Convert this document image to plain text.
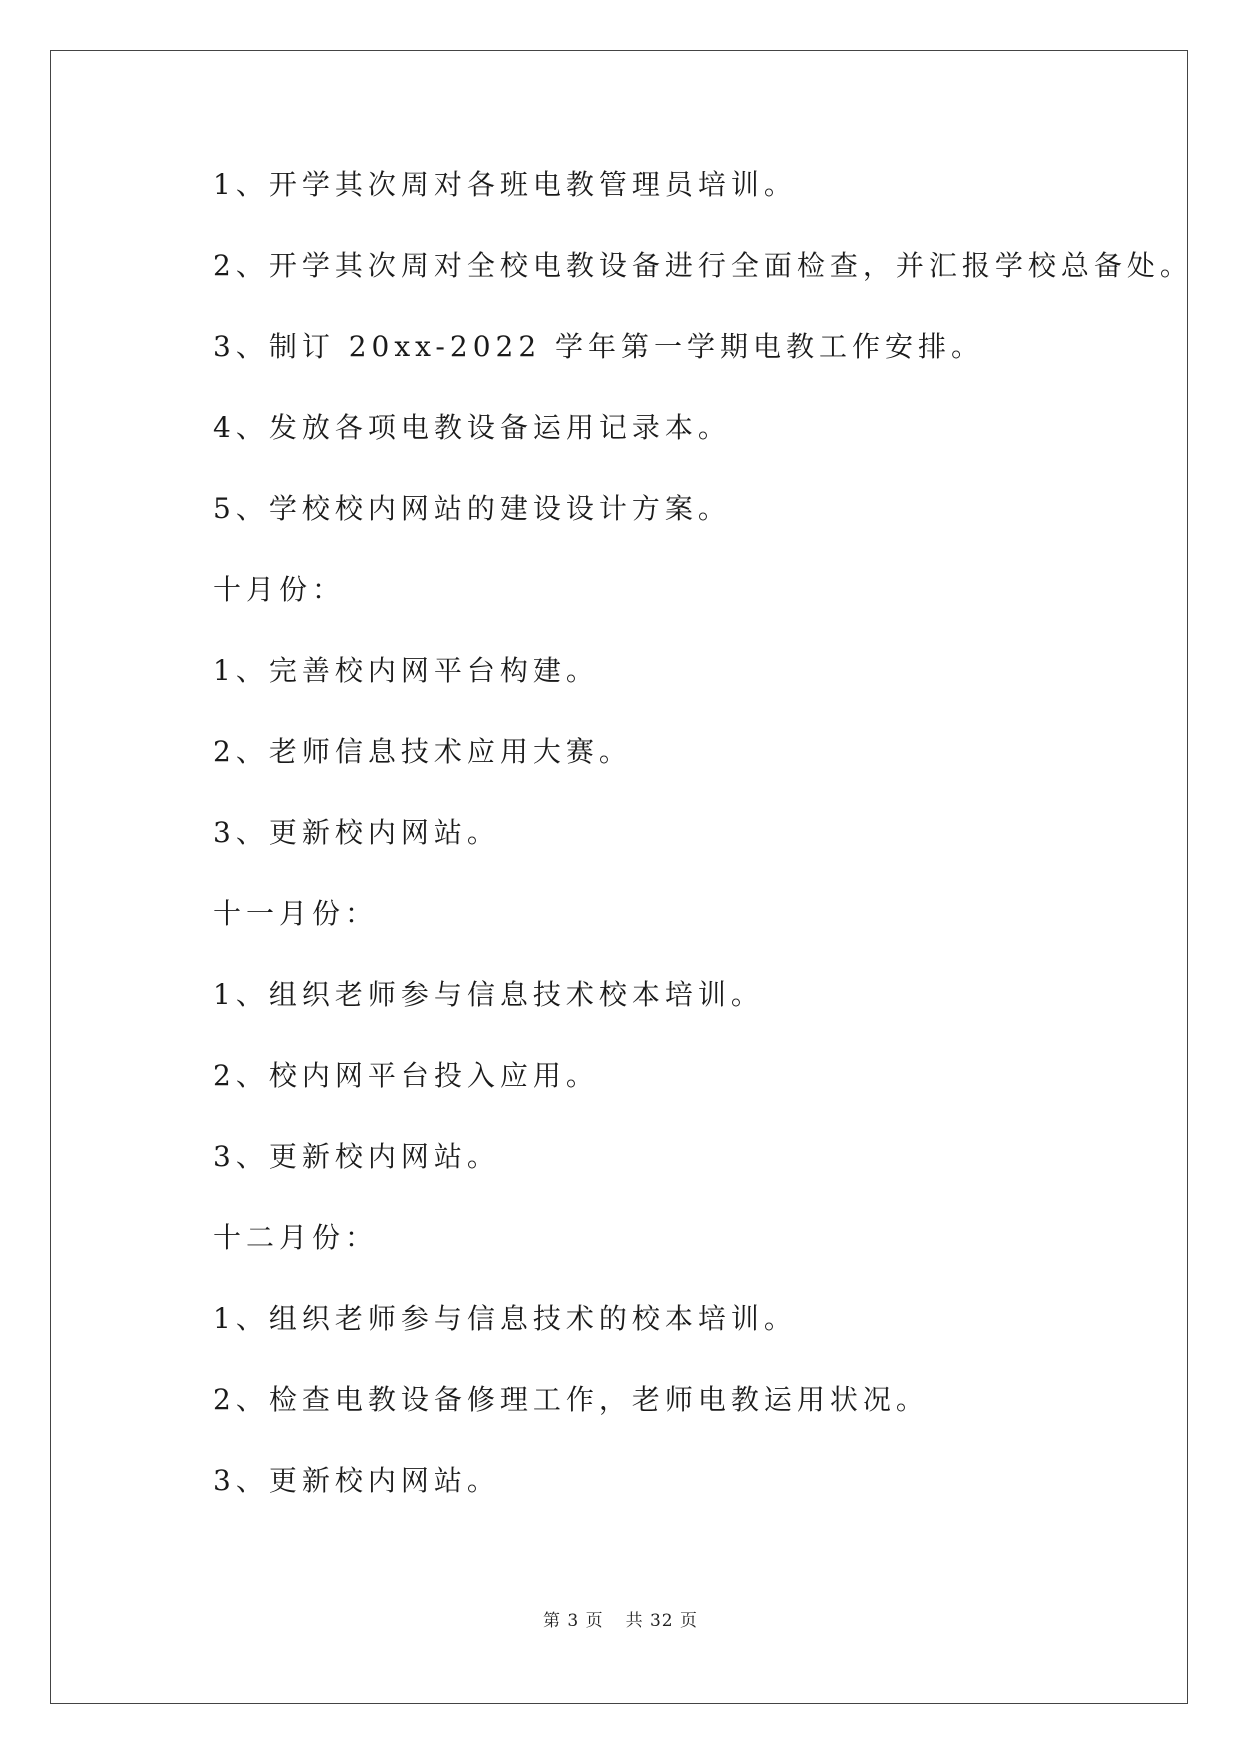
1、开学其次周对各班电教管理员培训。

2、开学其次周对全校电教设备进行全面检查，并汇报学校总备处。

3、制订 20xx-2022 学年第一学期电教工作安排。

4、发放各项电教设备运用记录本。

5、学校校内网站的建设设计方案。

十月份：

1、完善校内网平台构建。

2、老师信息技术应用大赛。

3、更新校内网站。

十一月份：

1、组织老师参与信息技术校本培训。

2、校内网平台投入应用。

3、更新校内网站。

十二月份：

1、组织老师参与信息技术的校本培训。

2、检查电教设备修理工作，老师电教运用状况。

3、更新校内网站。

第 3 页 共 32 页
